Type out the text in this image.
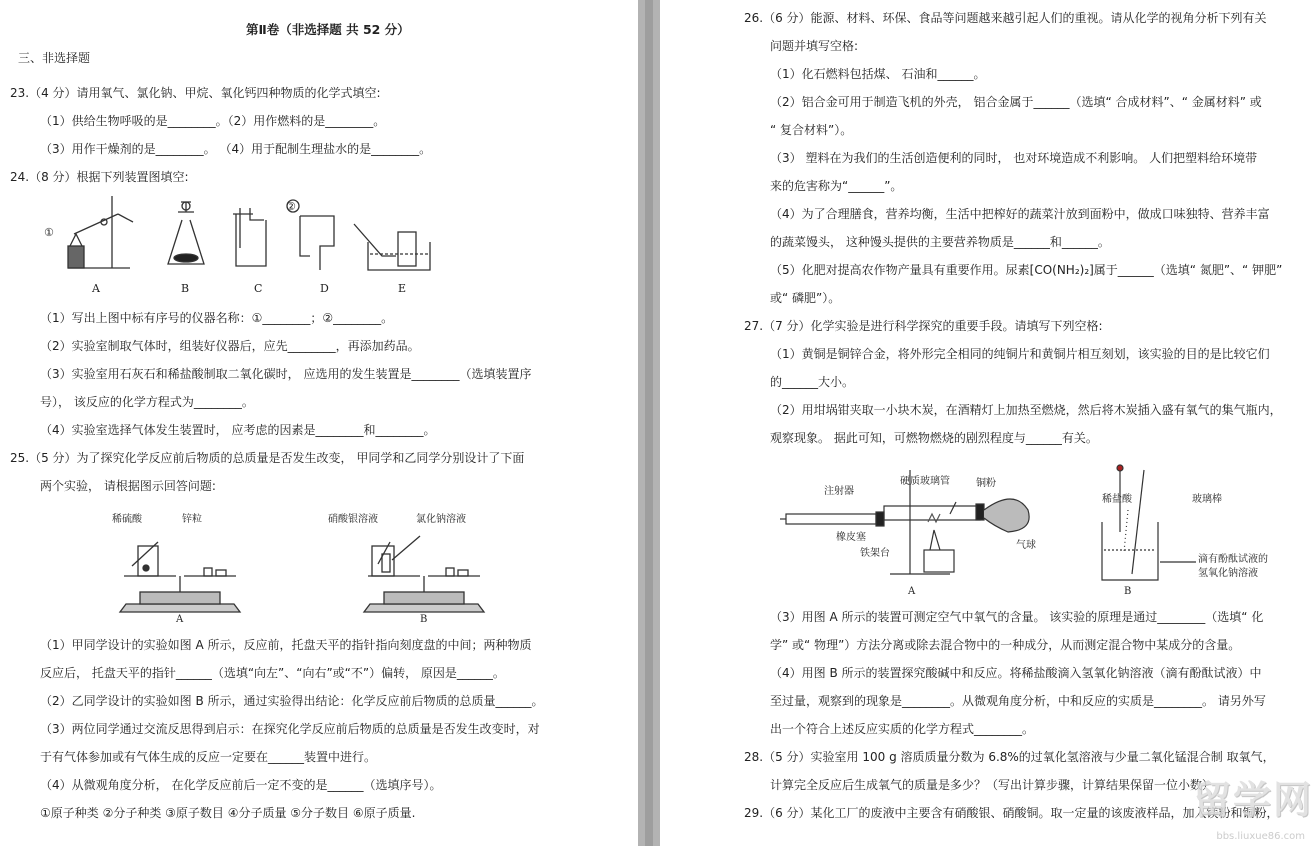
第Ⅱ卷（非选择题 共 52 分）
三、非选择题
23.（4 分）请用氧气、氯化钠、甲烷、氧化钙四种物质的化学式填空:
（1）供给生物呼吸的是________。（2）用作燃料的是________。
（3）用作干燥剂的是________。 （4）用于配制生理盐水的是________。
24.（8 分）根据下列装置图填空:
①
②
A	B	C	D	E
（1）写出上图中标有序号的仪器名称：①________；②________。
（2）实验室制取气体时，组装好仪器后，应先________，再添加药品。
（3）实验室用石灰石和稀盐酸制取二氧化碳时， 应选用的发生装置是________（选填装置序
号）， 该反应的化学方程式为________。
（4）实验室选择气体发生装置时， 应考虑的因素是________和________。
25.（5 分）为了探究化学反应前后物质的总质量是否发生改变， 甲同学和乙同学分别设计了下面
两个实验， 请根据图示回答问题:
稀硫酸	锌粒	硝酸银溶液	氯化钠溶液
A	B
（1）甲同学设计的实验如图 A 所示，反应前，托盘天平的指针指向刻度盘的中间；两种物质
反应后， 托盘天平的指针______（选填“向左”、“向右”或“不”）偏转， 原因是______。
（2）乙同学设计的实验如图 B 所示，通过实验得出结论：化学反应前后物质的总质量______。
（3）两位同学通过交流反思得到启示：在探究化学反应前后物质的总质量是否发生改变时，对
于有气体参加或有气体生成的反应一定要在______装置中进行。
（4）从微观角度分析， 在化学反应前后一定不变的是______（选填序号）。
①原子种类 ②分子种类 ③原子数目 ④分子质量 ⑤分子数目 ⑥原子质量.
26.（6 分）能源、材料、环保、食品等问题越来越引起人们的重视。请从化学的视角分析下列有关
问题并填写空格:
（1）化石燃料包括煤、 石油和______。
（2）铝合金可用于制造飞机的外壳， 铝合金属于______（选填“ 合成材料”、“ 金属材料” 或
“ 复合材料”）。
（3） 塑料在为我们的生活创造便利的同时， 也对环境造成不利影响。 人们把塑料给环境带
来的危害称为“______”。
（4）为了合理膳食，营养均衡，生活中把榨好的蔬菜汁放到面粉中，做成口味独特、营养丰富
的蔬菜馒头， 这种馒头提供的主要营养物质是______和______。
（5）化肥对提高农作物产量具有重要作用。尿素[CO(NH₂)₂]属于______（选填“ 氮肥”、“ 钾肥”
或“ 磷肥”）。
27.（7 分）化学实验是进行科学探究的重要手段。请填写下列空格:
（1）黄铜是铜锌合金，将外形完全相同的纯铜片和黄铜片相互刻划，该实验的目的是比较它们
的______大小。
（2）用坩埚钳夹取一小块木炭，在酒精灯上加热至燃烧，然后将木炭插入盛有氧气的集气瓶内，
观察现象。 据此可知，可燃物燃烧的剧烈程度与______有关。
注射器
硬质玻璃管	铜粉
橡皮塞
铁架台
气球
A
稀盐酸	玻璃棒
滴有酚酞试液的
氢氧化钠溶液
B
（3）用图 A 所示的装置可测定空气中氧气的含量。 该实验的原理是通过________（选填“ 化
学” 或“ 物理”）方法分离或除去混合物中的一种成分，从而测定混合物中某成分的含量。
（4）用图 B 所示的装置探究酸碱中和反应。将稀盐酸滴入氢氧化钠溶液（滴有酚酞试液）中
至过量，观察到的现象是________。从微观角度分析，中和反应的实质是________。 请另外写
出一个符合上述反应实质的化学方程式________。
28.（5 分）实验室用 100 g 溶质质量分数为 6.8%的过氧化氢溶液与少量二氧化锰混合制 取氧气，
计算完全反应后生成氧气的质量是多少？（写出计算步骤，计算结果保留一位小数）
29.（6 分）某化工厂的废液中主要含有硝酸银、硝酸铜。取一定量的该废液样品，加入镁粉和铜粉，
留学网
bbs.liuxue86.com
